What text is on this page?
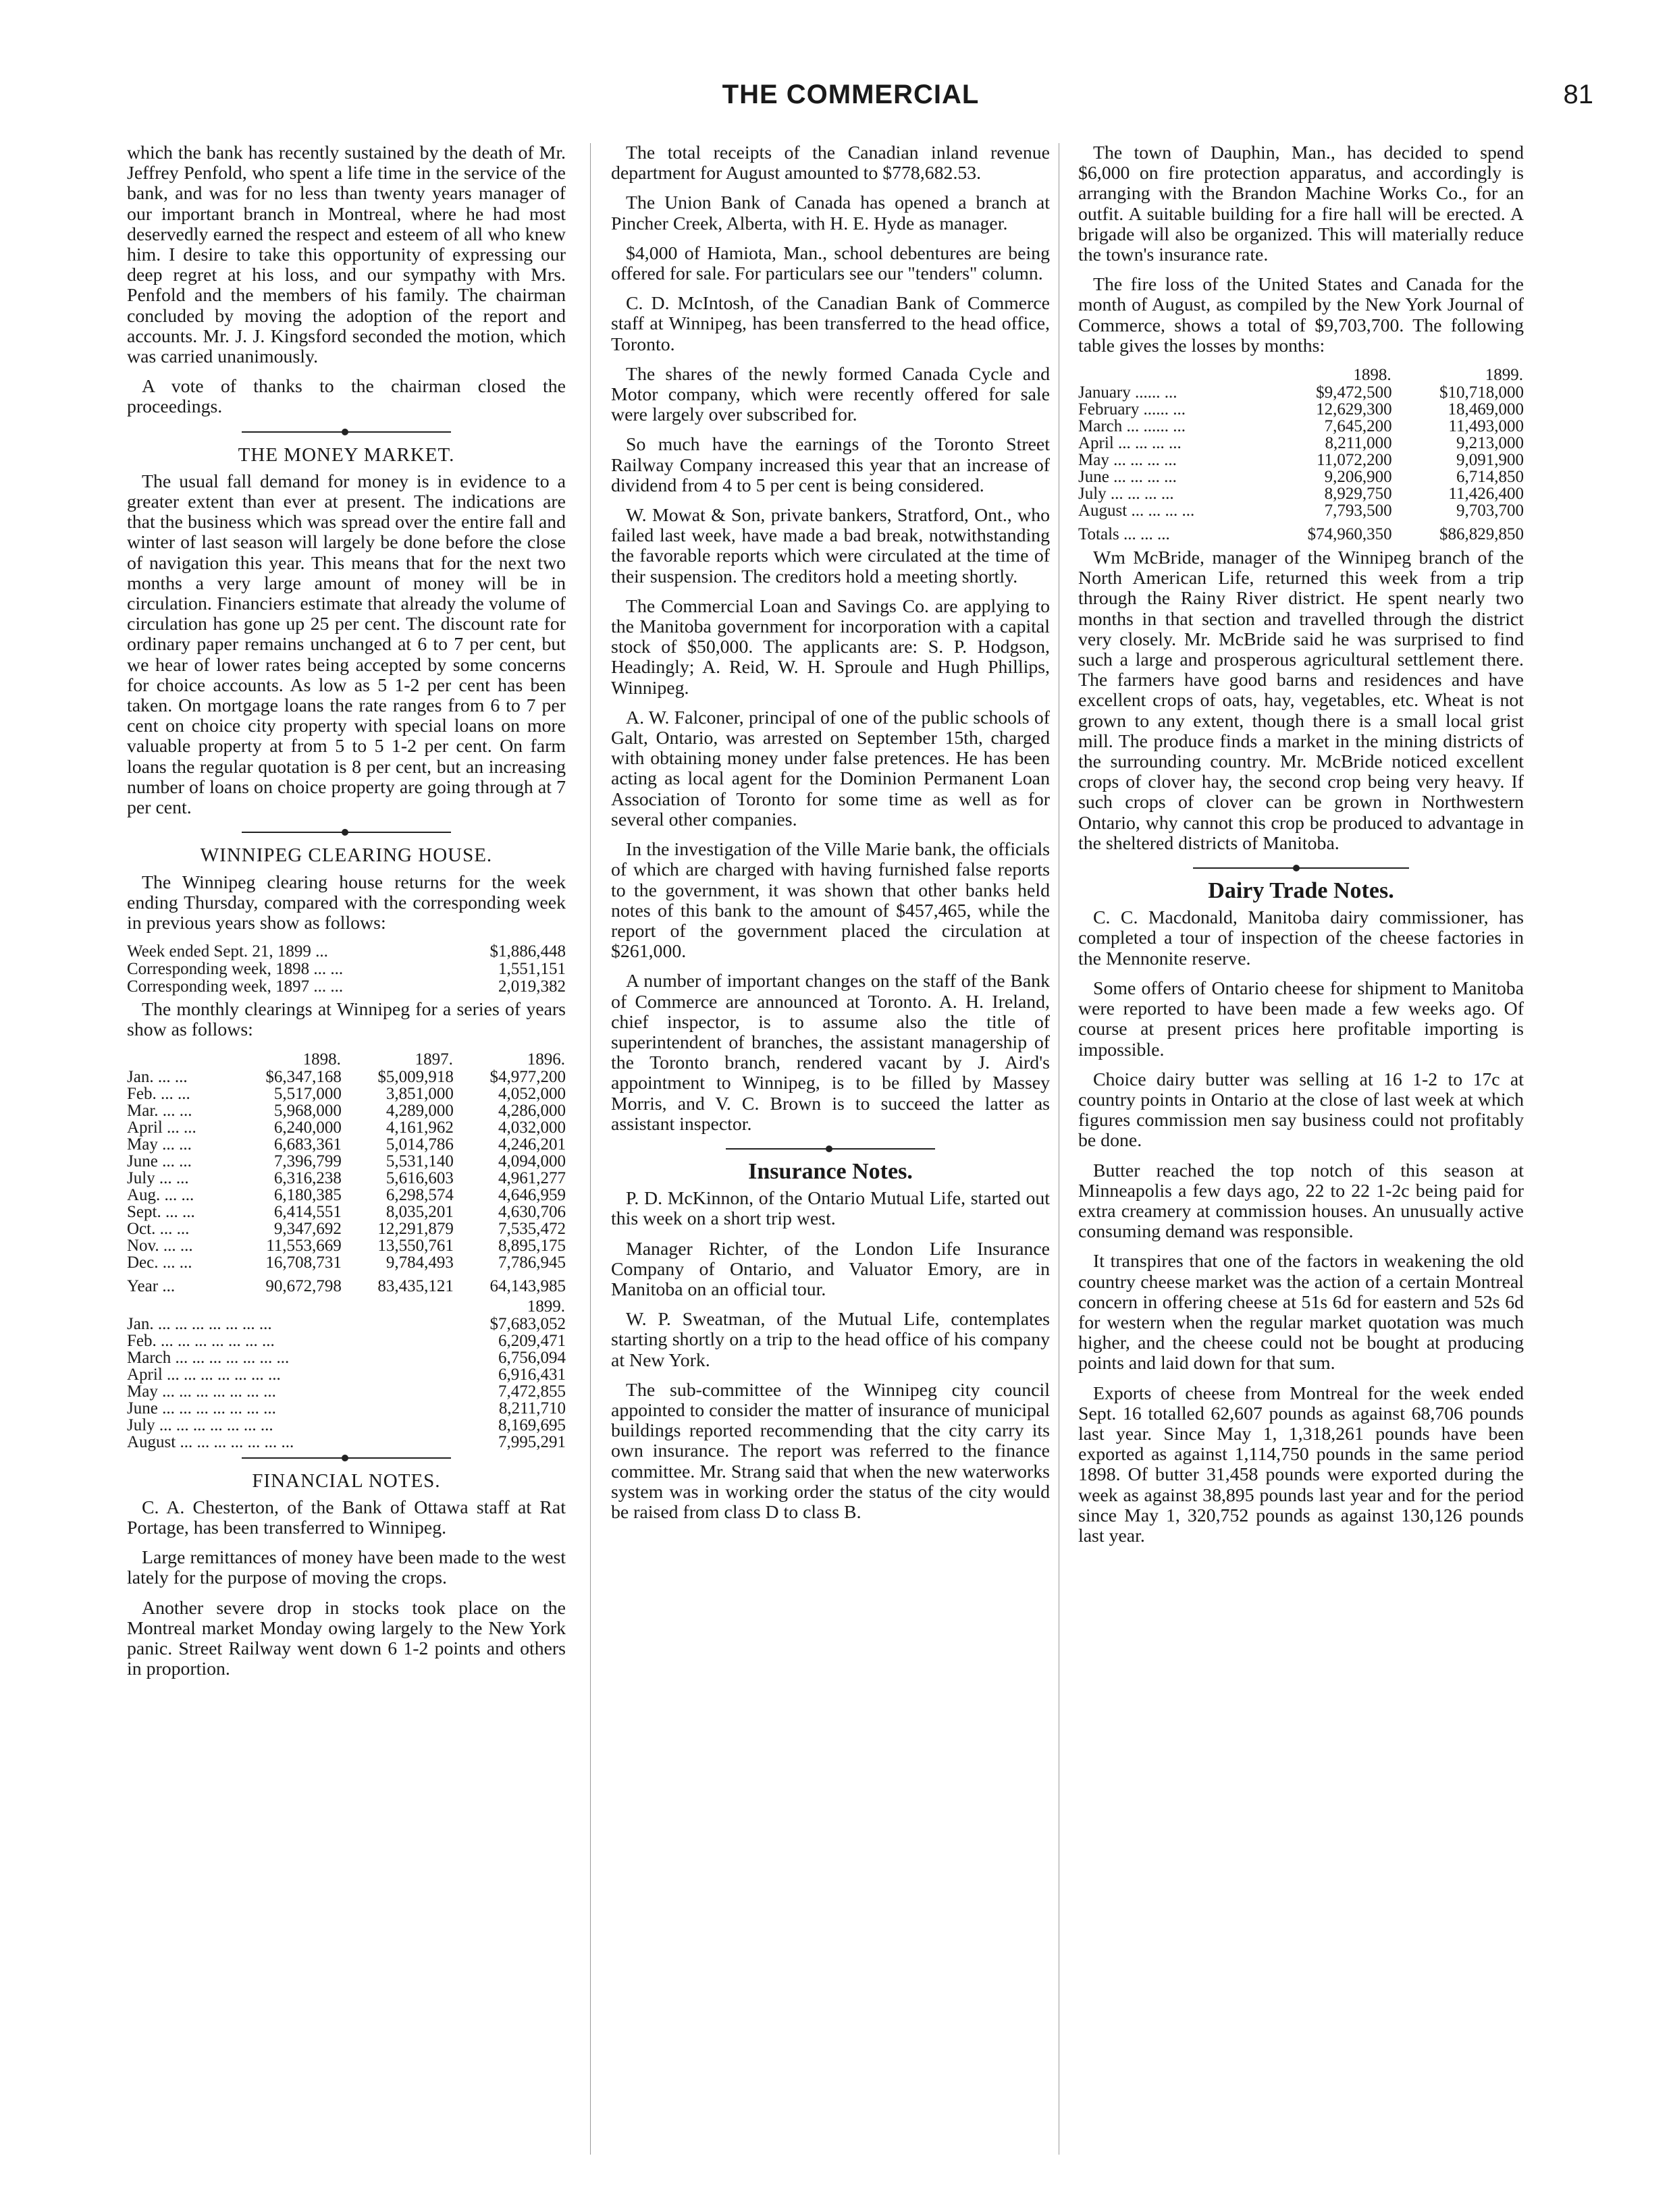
THE COMMERCIAL	81

which the bank has recently sustained by the death of Mr. Jeffrey Penfold, who spent a life time in the service of the bank, and was for no less than twenty years manager of our important branch in Montreal, where he had most deservedly earned the respect and esteem of all who knew him. I desire to take this opportunity of expressing our deep regret at his loss, and our sympathy with Mrs. Penfold and the members of his family. The chairman concluded by moving the adoption of the report and accounts. Mr. J. J. Kingsford seconded the motion, which was carried unanimously.

A vote of thanks to the chairman closed the proceedings.

THE MONEY MARKET.

The usual fall demand for money is in evidence to a greater extent than ever at present. The indications are that the business which was spread over the entire fall and winter of last season will largely be done before the close of navigation this year. This means that for the next two months a very large amount of money will be in circulation. Financiers estimate that already the volume of circulation has gone up 25 per cent. The discount rate for ordinary paper remains unchanged at 6 to 7 per cent, but we hear of lower rates being accepted by some concerns for choice accounts. As low as 5 1-2 per cent has been taken. On mortgage loans the rate ranges from 6 to 7 per cent on choice city property with special loans on more valuable property at from 5 to 5 1-2 per cent. On farm loans the regular quotation is 8 per cent, but an increasing number of loans on choice property are going through at 7 per cent.

WINNIPEG CLEARING HOUSE.

The Winnipeg clearing house returns for the week ending Thursday, compared with the corresponding week in previous years show as follows:

Week ended Sept. 21, 1899 ...	$1,886,448
Corresponding week, 1898 ... ...	1,551,151
Corresponding week, 1897 ... ...	2,019,382

The monthly clearings at Winnipeg for a series of years show as follows:

	1898.	1897.	1896.
Jan. ... ...	$6,347,168	$5,009,918	$4,977,200
Feb. ... ...	5,517,000	3,851,000	4,052,000
Mar. ... ...	5,968,000	4,289,000	4,286,000
April ... ...	6,240,000	4,161,962	4,032,000
May ... ...	6,683,361	5,014,786	4,246,201
June ... ...	7,396,799	5,531,140	4,094,000
July ... ...	6,316,238	5,616,603	4,961,277
Aug. ... ...	6,180,385	6,298,574	4,646,959
Sept. ... ...	6,414,551	8,035,201	4,630,706
Oct. ... ...	9,347,692	12,291,879	7,535,472
Nov. ... ...	11,553,669	13,550,761	8,895,175
Dec. ... ...	16,708,731	9,784,493	7,786,945
Year ...	90,672,798	83,435,121	64,143,985
	1899.
Jan. ... ... ... ... ... ... ...	$7,683,052
Feb. ... ... ... ... ... ... ...	6,209,471
March ... ... ... ... ... ... ...	6,756,094
April ... ... ... ... ... ... ...	6,916,431
May ... ... ... ... ... ... ...	7,472,855
June ... ... ... ... ... ... ...	8,211,710
July ... ... ... ... ... ... ...	8,169,695
August ... ... ... ... ... ... ...	7,995,291
FINANCIAL NOTES.

C. A. Chesterton, of the Bank of Ottawa staff at Rat Portage, has been transferred to Winnipeg.

Large remittances of money have been made to the west lately for the purpose of moving the crops.

Another severe drop in stocks took place on the Montreal market Monday owing largely to the New York panic. Street Railway went down 6 1-2 points and others in proportion.

The total receipts of the Canadian inland revenue department for August amounted to $778,682.53.

The Union Bank of Canada has opened a branch at Pincher Creek, Alberta, with H. E. Hyde as manager.

$4,000 of Hamiota, Man., school debentures are being offered for sale. For particulars see our "tenders" column.

C. D. McIntosh, of the Canadian Bank of Commerce staff at Winnipeg, has been transferred to the head office, Toronto.

The shares of the newly formed Canada Cycle and Motor company, which were recently offered for sale were largely over subscribed for.

So much have the earnings of the Toronto Street Railway Company increased this year that an increase of dividend from 4 to 5 per cent is being considered.

W. Mowat & Son, private bankers, Stratford, Ont., who failed last week, have made a bad break, notwithstanding the favorable reports which were circulated at the time of their suspension. The creditors hold a meeting shortly.

The Commercial Loan and Savings Co. are applying to the Manitoba government for incorporation with a capital stock of $50,000. The applicants are: S. P. Hodgson, Headingly; A. Reid, W. H. Sproule and Hugh Phillips, Winnipeg.

A. W. Falconer, principal of one of the public schools of Galt, Ontario, was arrested on September 15th, charged with obtaining money under false pretences. He has been acting as local agent for the Dominion Permanent Loan Association of Toronto for some time as well as for several other companies.

In the investigation of the Ville Marie bank, the officials of which are charged with having furnished false reports to the government, it was shown that other banks held notes of this bank to the amount of $457,465, while the report of the government placed the circulation at $261,000.

A number of important changes on the staff of the Bank of Commerce are announced at Toronto. A. H. Ireland, chief inspector, is to assume also the title of superintendent of branches, the assistant managership of the Toronto branch, rendered vacant by J. Aird's appointment to Winnipeg, is to be filled by Massey Morris, and V. C. Brown is to succeed the latter as assistant inspector.

Insurance Notes.

P. D. McKinnon, of the Ontario Mutual Life, started out this week on a short trip west.

Manager Richter, of the London Life Insurance Company of Ontario, and Valuator Emory, are in Manitoba on an official tour.

W. P. Sweatman, of the Mutual Life, contemplates starting shortly on a trip to the head office of his company at New York.

The sub-committee of the Winnipeg city council appointed to consider the matter of insurance of municipal buildings reported recommending that the city carry its own insurance. The report was referred to the finance committee. Mr. Strang said that when the new waterworks system was in working order the status of the city would be raised from class D to class B.

The town of Dauphin, Man., has decided to spend $6,000 on fire protection apparatus, and accordingly is arranging with the Brandon Machine Works Co., for an outfit. A suitable building for a fire hall will be erected. A brigade will also be organized. This will materially reduce the town's insurance rate.

The fire loss of the United States and Canada for the month of August, as compiled by the New York Journal of Commerce, shows a total of $9,703,700. The following table gives the losses by months:

	1898.	1899.
January ...... ...	$9,472,500	$10,718,000
February ...... ...	12,629,300	18,469,000
March ... ...... ...	7,645,200	11,493,000
April ... ... ... ...	8,211,000	9,213,000
May ... ... ... ...	11,072,200	9,091,900
June ... ... ... ...	9,206,900	6,714,850
July ... ... ... ...	8,929,750	11,426,400
August ... ... ... ...	7,793,500	9,703,700
Totals ... ... ...	$74,960,350	$86,829,850

Wm McBride, manager of the Winnipeg branch of the North American Life, returned this week from a trip through the Rainy River district. He spent nearly two months in that section and travelled through the district very closely. Mr. McBride said he was surprised to find such a large and prosperous agricultural settlement there. The farmers have good barns and residences and have excellent crops of oats, hay, vegetables, etc. Wheat is not grown to any extent, though there is a small local grist mill. The produce finds a market in the mining districts of the surrounding country. Mr. McBride noticed excellent crops of clover hay, the second crop being very heavy. If such crops of clover can be grown in Northwestern Ontario, why cannot this crop be produced to advantage in the sheltered districts of Manitoba.

Dairy Trade Notes.

C. C. Macdonald, Manitoba dairy commissioner, has completed a tour of inspection of the cheese factories in the Mennonite reserve.

Some offers of Ontario cheese for shipment to Manitoba were reported to have been made a few weeks ago. Of course at present prices here profitable importing is impossible.

Choice dairy butter was selling at 16 1-2 to 17c at country points in Ontario at the close of last week at which figures commission men say business could not profitably be done.

Butter reached the top notch of this season at Minneapolis a few days ago, 22 to 22 1-2c being paid for extra creamery at commission houses. An unusually active consuming demand was responsible.

It transpires that one of the factors in weakening the old country cheese market was the action of a certain Montreal concern in offering cheese at 51s 6d for eastern and 52s 6d for western when the regular market quotation was much higher, and the cheese could not be bought at producing points and laid down for that sum.

Exports of cheese from Montreal for the week ended Sept. 16 totalled 62,607 pounds as against 68,706 pounds last year. Since May 1, 1,318,261 pounds have been exported as against 1,114,750 pounds in the same period 1898. Of butter 31,458 pounds were exported during the week as against 38,895 pounds last year and for the period since May 1, 320,752 pounds as against 130,126 pounds last year.
